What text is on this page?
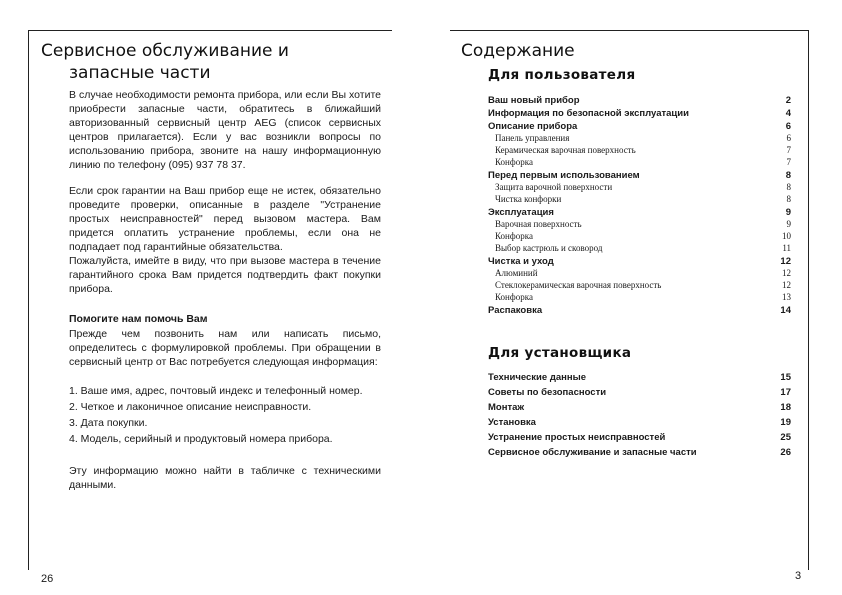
Сервисное обслуживание и
запасные части

В случае необходимости ремонта прибора, или если Вы хотите приобрести запасные части, обратитесь в ближайший авторизованный сервисный центр AEG (список сервисных центров прилагается). Если у вас возникли вопросы по использованию прибора, звоните на нашу информационную линию по телефону (095) 937 78 37.

Если срок гарантии на Ваш прибор еще не истек, обязательно проведите проверки, описанные в разделе "Устранение простых неисправностей" перед вызовом мастера. Вам придется оплатить устранение проблемы, если она не подпадает под гарантийные обязательства.

Пожалуйста, имейте в виду, что при вызове мастера в течение гарантийного срока Вам придется подтвердить факт покупки прибора.

Помогите нам помочь Вам

Прежде чем позвонить нам или написать письмо, определитесь с формулировкой проблемы. При обращении в сервисный центр от Вас потребуется следующая информация:

1. Ваше имя, адрес, почтовый индекс и телефонный номер.

2. Четкое и лаконичное описание неисправности.

3. Дата покупки.

4. Модель, серийный и продуктовый номера прибора.

Эту информацию можно найти в табличке с техническими данными.

26
Содержание
Для пользователя
Ваш новый прибор	2
Информация по безопасной эксплуатации	4
Описание прибора	6
Панель управления	6
Керамическая варочная поверхность	7
Конфорка	7
Перед первым использованием	8
Защита варочной поверхности	8
Чистка конфорки	8
Эксплуатация	9
Варочная поверхность	9
Конфорка	10
Выбор кастрюль и сковород	11
Чистка и уход	12
Алюминий	12
Стеклокерамическая варочная поверхность	12
Конфорка	13
Распаковка	14
Для установщика
Технические данные	15
Советы по безопасности	17
Монтаж	18
Установка	19
Устранение простых неисправностей	25
Сервисное обслуживание и запасные части	26
3
